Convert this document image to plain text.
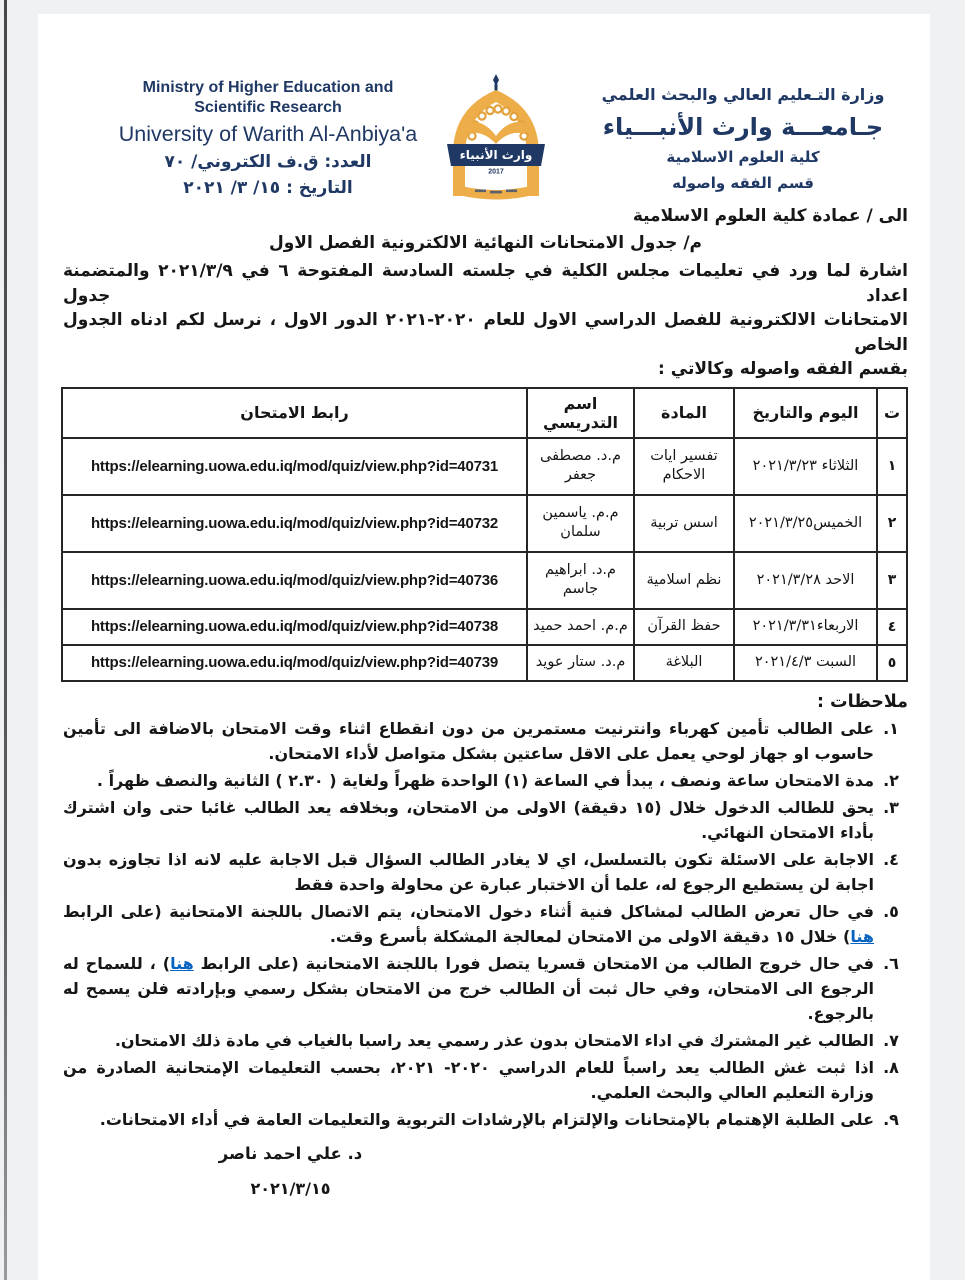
Ministry of Higher Education and
Scientific Research
University of Warith Al-Anbiya'a
العدد: ق.ف الكتروني/ ٧٠
التاريخ : ١٥/ ٣/ ٢٠٢١
وارث الأنبياء
2017
وزارة التـعليم العالي والبحث العلمي
جـامعـــة وارث الأنبـــياء
كلية العلوم الاسلامية
قسم الفقه واصوله
الى / عمادة كلية العلوم الاسلامية
م/ جدول الامتحانات النهائية الالكترونية الفصل الاول
اشارة لما ورد في تعليمات مجلس الكلية في جلسته السادسة المفتوحة ٦ في ٢٠٢١/٣/٩ والمتضمنة اعداد جدول
الامتحانات الالكترونية للفصل الدراسي الاول للعام ٢٠٢٠-٢٠٢١ الدور الاول ، نرسل لكم ادناه الجدول الخاص
بقسم الفقه واصوله وكالاتي :
ت	اليوم والتاريخ	المادة	اسم التدريسي	رابط الامتحان
١	الثلاثاء ٢٠٢١/٣/٢٣	تفسير ايات الاحكام	م.د. مصطفى جعفر	https://elearning.uowa.edu.iq/mod/quiz/view.php?id=40731
٢	الخميس٢٠٢١/٣/٢٥	اسس تربية	م.م. ياسمين سلمان	https://elearning.uowa.edu.iq/mod/quiz/view.php?id=40732
٣	الاحد ٢٠٢١/٣/٢٨	نظم اسلامية	م.د. ابراهيم جاسم	https://elearning.uowa.edu.iq/mod/quiz/view.php?id=40736
٤	الاربعاء٢٠٢١/٣/٣١	حفظ القرآن	م.م. احمد حميد	https://elearning.uowa.edu.iq/mod/quiz/view.php?id=40738
٥	السبت ٢٠٢١/٤/٣	البلاغة	م.د. ستار عويد	https://elearning.uowa.edu.iq/mod/quiz/view.php?id=40739
ملاحظات :
١.
على الطالب تأمين كهرباء وانترنيت مستمرين من دون انقطاع اثناء وقت الامتحان بالاضافة الى تأمين حاسوب او جهاز لوحي يعمل على الاقل ساعتين بشكل متواصل لأداء الامتحان.
٢.
مدة الامتحان ساعة ونصف ، يبدأ في الساعة (١) الواحدة ظهراً ولغاية ( ٢.٣٠ ) الثانية والنصف ظهراً .
٣.
يحق للطالب الدخول خلال (١٥ دقيقة) الاولى من الامتحان، وبخلافه يعد الطالب غائبا حتى وان اشترك بأداء الامتحان النهائي.
٤.
الاجابة على الاسئلة تكون بالتسلسل، اي لا يغادر الطالب السؤال قبل الاجابة عليه لانه اذا تجاوزه بدون اجابة لن يستطيع الرجوع له، علما أن الاختبار عبارة عن محاولة واحدة فقط
٥.
في حال تعرض الطالب لمشاكل فنية أثناء دخول الامتحان، يتم الاتصال باللجنة الامتحانية (على الرابط هنا) خلال ١٥ دقيقة الاولى من الامتحان لمعالجة المشكلة بأسرع وقت.
٦.
في حال خروج الطالب من الامتحان قسريا يتصل فورا باللجنة الامتحانية (على الرابط هنا) ، للسماح له الرجوع الى الامتحان، وفي حال ثبت أن الطالب خرج من الامتحان بشكل رسمي وبإرادته فلن يسمح له بالرجوع.
٧.
الطالب غير المشترك في اداء الامتحان بدون عذر رسمي يعد راسبا بالغياب في مادة ذلك الامتحان.
٨.
اذا ثبت غش الطالب يعد راسباً للعام الدراسي ٢٠٢٠- ٢٠٢١، بحسب التعليمات الإمتحانية الصادرة من وزارة التعليم العالي والبحث العلمي.
٩.
على الطلبة الإهتمام بالإمتحانات والإلتزام بالإرشادات التربوية والتعليمات العامة في أداء الامتحانات.
د. علي احمد ناصر
٢٠٢١/٣/١٥
